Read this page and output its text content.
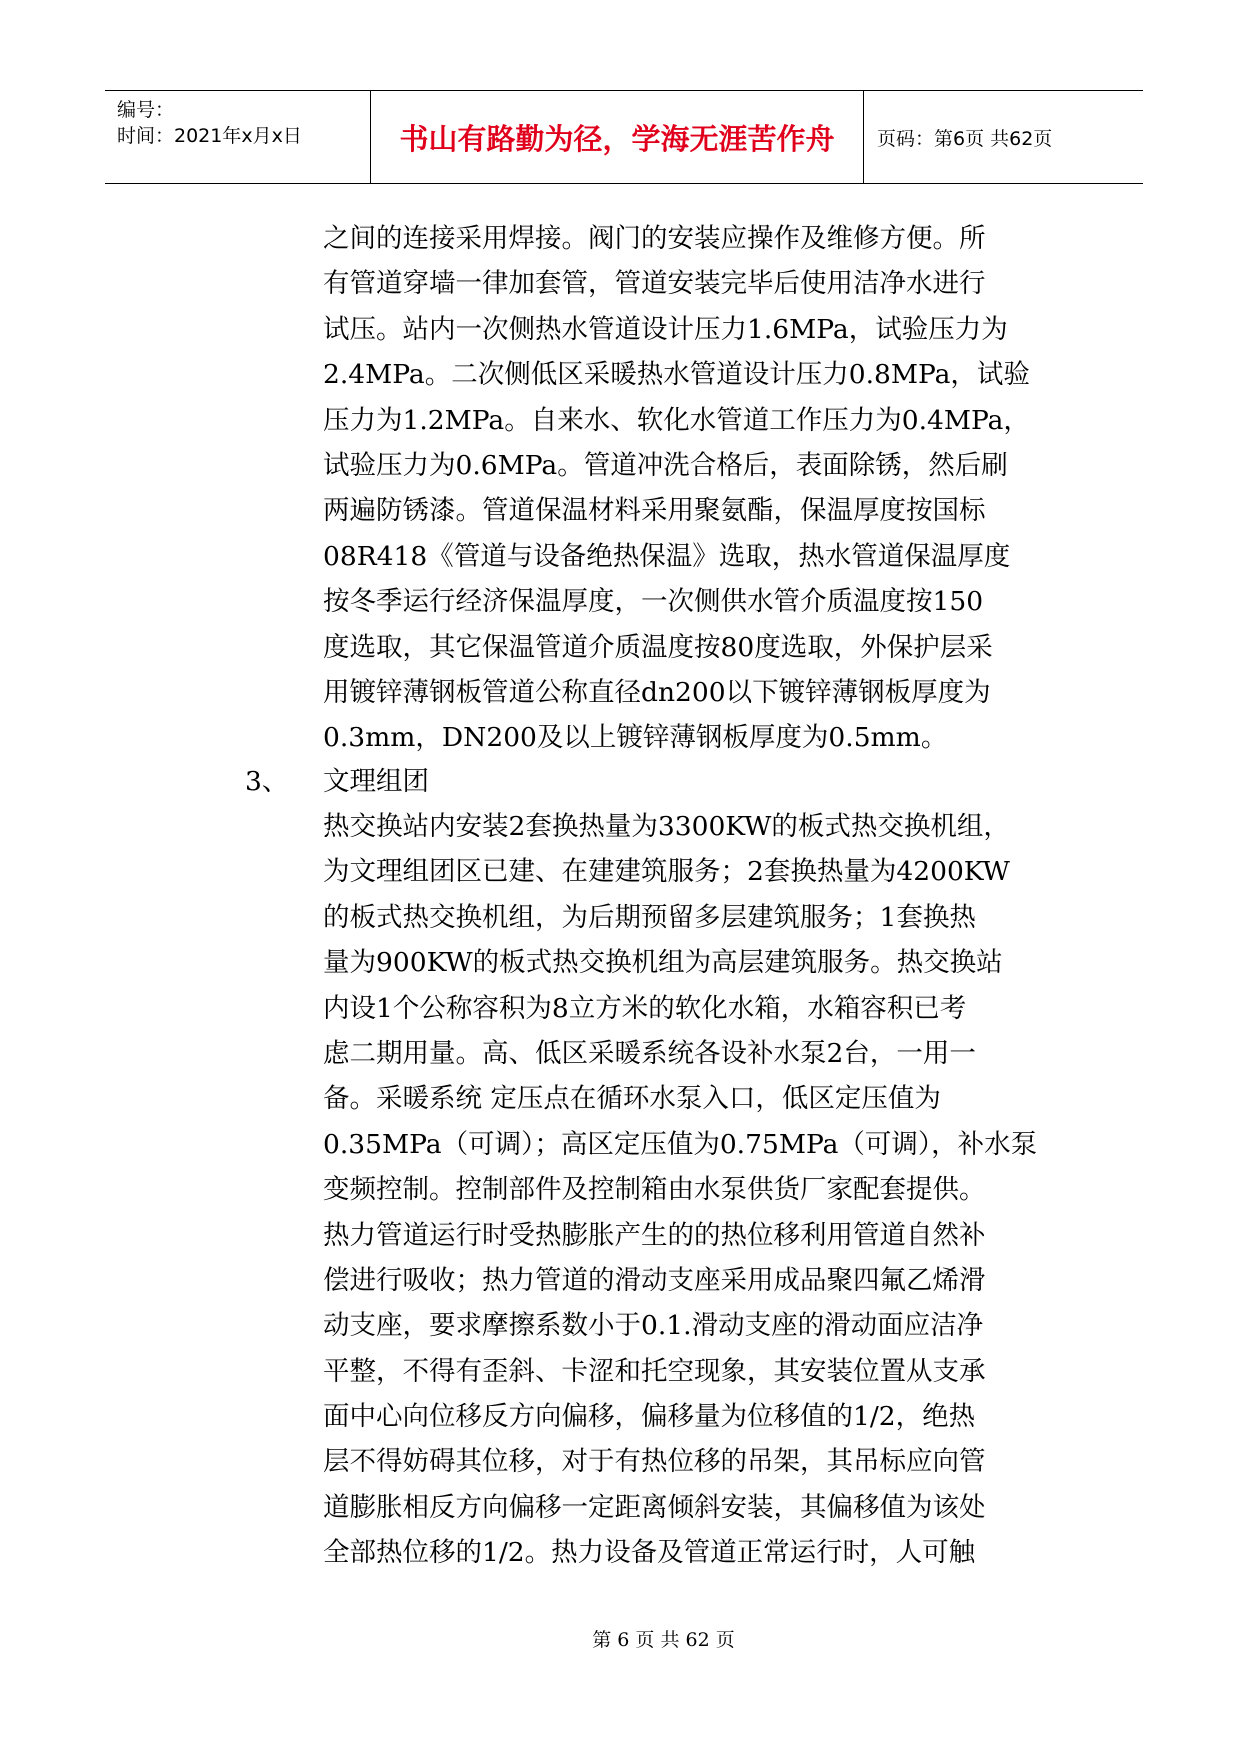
编号：
时间：2021年x月x日	书山有路勤为径，学海无涯苦作舟	页码：第6页 共62页
之间的连接采用焊接。阀门的安装应操作及维修方便。所
有管道穿墙一律加套管，管道安装完毕后使用洁净水进行
试压。站内一次侧热水管道设计压力1.6MPa，试验压力为
2.4MPa。二次侧低区采暖热水管道设计压力0.8MPa，试验
压力为1.2MPa。自来水、软化水管道工作压力为0.4MPa，
试验压力为0.6MPa。管道冲洗合格后，表面除锈，然后刷
两遍防锈漆。管道保温材料采用聚氨酯，保温厚度按国标
08R418《管道与设备绝热保温》选取，热水管道保温厚度
按冬季运行经济保温厚度，一次侧供水管介质温度按150
度选取，其它保温管道介质温度按80度选取，外保护层采
用镀锌薄钢板管道公称直径dn200以下镀锌薄钢板厚度为
0.3mm，DN200及以上镀锌薄钢板厚度为0.5mm。
3、 文理组团
热交换站内安装2套换热量为3300KW的板式热交换机组，
为文理组团区已建、在建建筑服务；2套换热量为4200KW
的板式热交换机组，为后期预留多层建筑服务；1套换热
量为900KW的板式热交换机组为高层建筑服务。热交换站
内设1个公称容积为8立方米的软化水箱，水箱容积已考
虑二期用量。高、低区采暖系统各设补水泵2台，一用一
备。采暖系统 定压点在循环水泵入口，低区定压值为
0.35MPa（可调）；高区定压值为0.75MPa（可调），补水泵
变频控制。控制部件及控制箱由水泵供货厂家配套提供。
热力管道运行时受热膨胀产生的的热位移利用管道自然补
偿进行吸收；热力管道的滑动支座采用成品聚四氟乙烯滑
动支座，要求摩擦系数小于0.1.滑动支座的滑动面应洁净
平整，不得有歪斜、卡涩和托空现象，其安装位置从支承
面中心向位移反方向偏移，偏移量为位移值的1/2，绝热
层不得妨碍其位移，对于有热位移的吊架，其吊标应向管
道膨胀相反方向偏移一定距离倾斜安装，其偏移值为该处
全部热位移的1/2。热力设备及管道正常运行时，人可触
第 6 页 共 62 页
